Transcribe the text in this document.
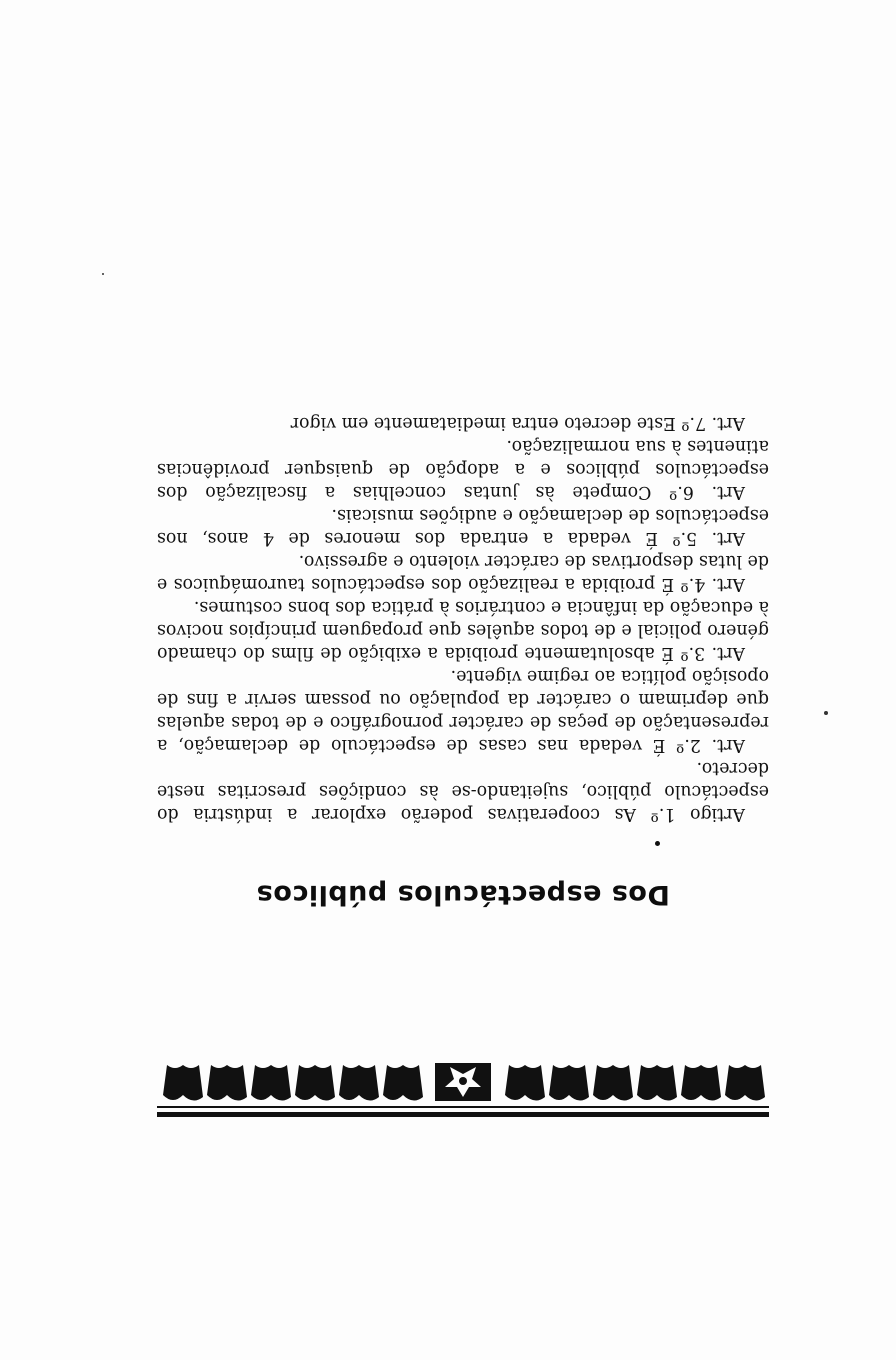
Dos espectáculos públicos

Artigo 1.º As cooperativas poderão explorar a indústria do espectáculo público, sujeitando-se às condições prescritas neste decreto.

Art. 2.º É vedada nas casas de espectáculo de declamação, a representação de peças de carácter pornográfico e de todas aquelas que deprimam o carácter da população ou possam servir a fins de oposição política ao regime vigente.

Art. 3.º É absolutamente proibida a exibição de films do chamado género policial e de todos aquêles que propaguem princípios nocivos à educação da infância e contrários à prática dos bons costumes.

Art. 4.º É proibida a realização dos espectáculos tauromáquicos e de lutas desportivas de carácter violento e agressivo.

Art. 5.º É vedada a entrada dos menores de 4 anos, nos espectáculos de declamação e audições musicais.

Art. 6.º Compete às juntas concelhias a fiscalização dos espectáculos públicos e a adopção de quaisquer providências atinentes à sua normalização.

Art. 7.º Este decreto entra imediatamente em vigor
